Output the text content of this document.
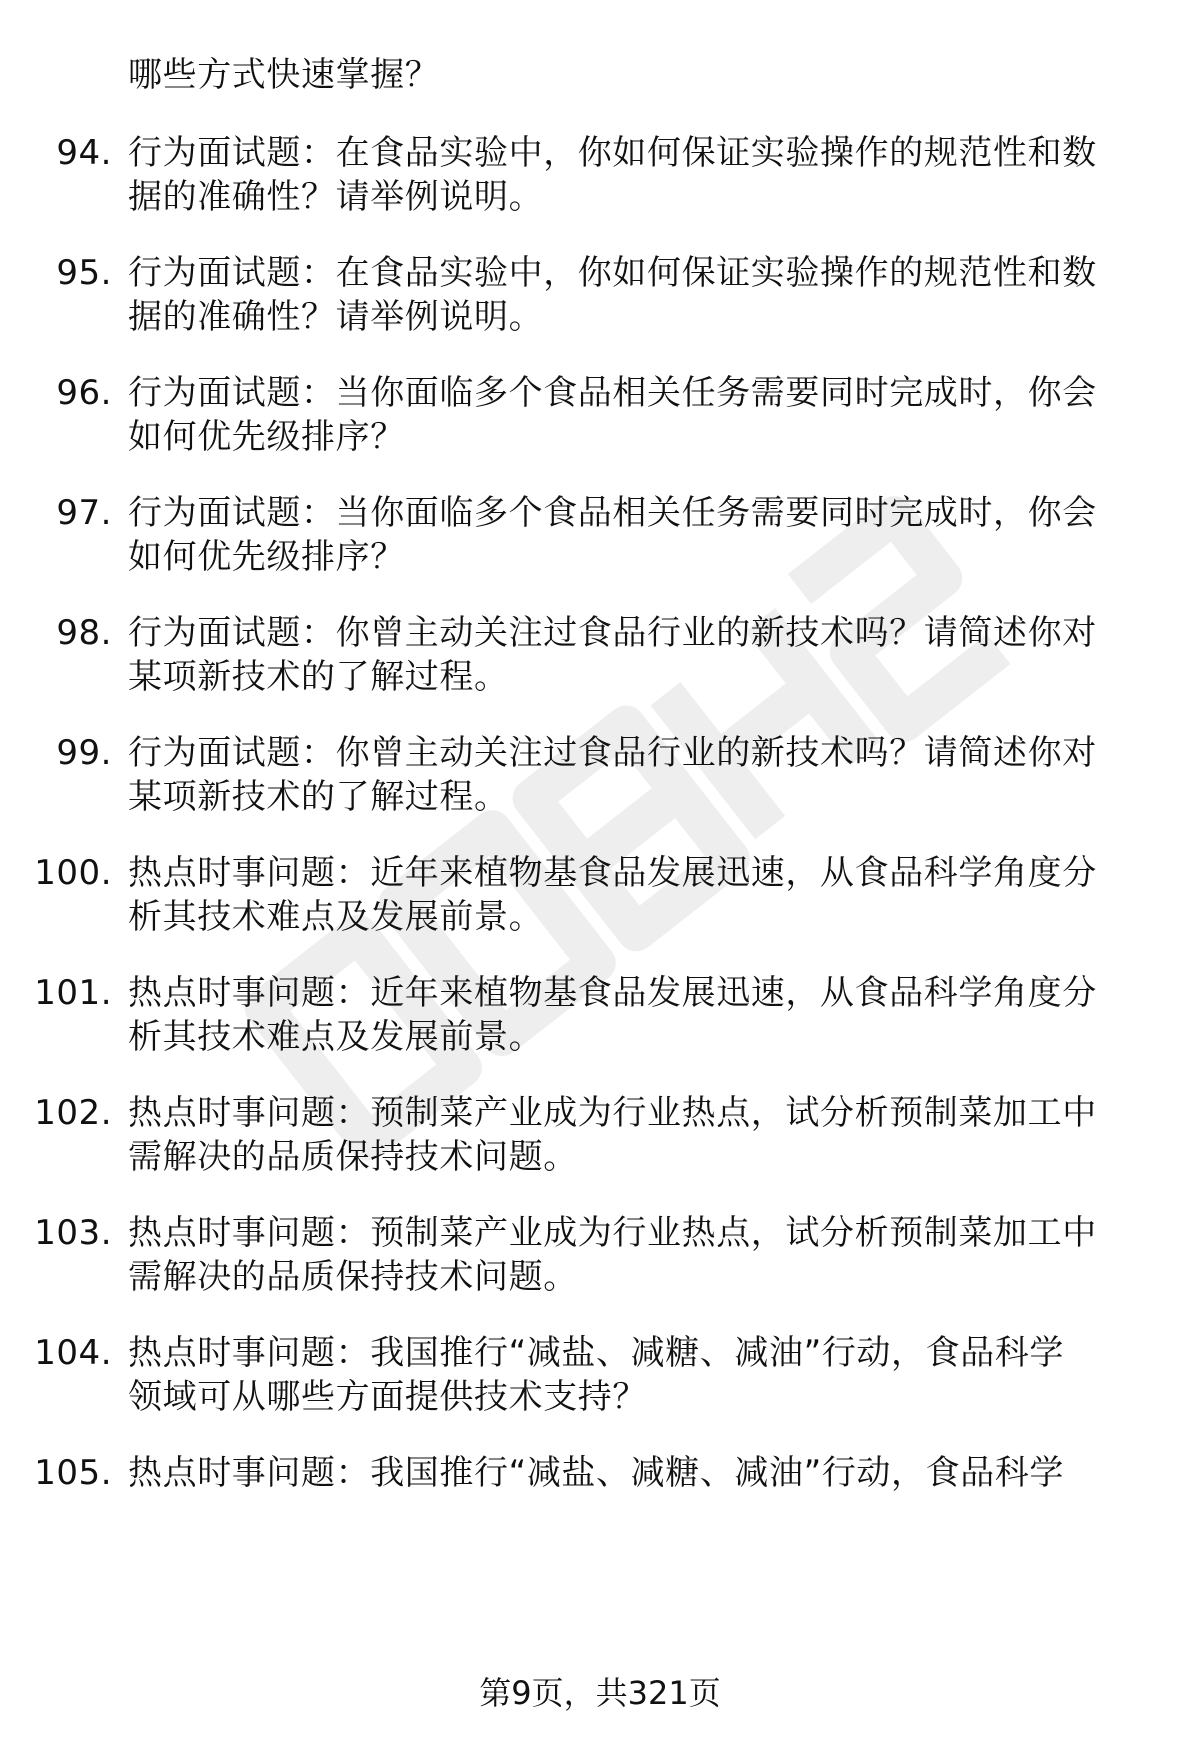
哪些方式快速掌握？
94. 行为面试题：在食品实验中，你如何保证实验操作的规范性和数
据的准确性？请举例说明。
95. 行为面试题：在食品实验中，你如何保证实验操作的规范性和数
据的准确性？请举例说明。
96. 行为面试题：当你面临多个食品相关任务需要同时完成时，你会
如何优先级排序？
97. 行为面试题：当你面临多个食品相关任务需要同时完成时，你会
如何优先级排序？
98. 行为面试题：你曾主动关注过食品行业的新技术吗？请简述你对
某项新技术的了解过程。
99. 行为面试题：你曾主动关注过食品行业的新技术吗？请简述你对
某项新技术的了解过程。
100. 热点时事问题：近年来植物基食品发展迅速，从食品科学角度分
析其技术难点及发展前景。
101. 热点时事问题：近年来植物基食品发展迅速，从食品科学角度分
析其技术难点及发展前景。
102. 热点时事问题：预制菜产业成为行业热点，试分析预制菜加工中
需解决的品质保持技术问题。
103. 热点时事问题：预制菜产业成为行业热点，试分析预制菜加工中
需解决的品质保持技术问题。
104. 热点时事问题：我国推行“减盐、减糖、减油”行动，食品科学
领域可从哪些方面提供技术支持？
105. 热点时事问题：我国推行“减盐、减糖、减油”行动，食品科学
第9页，共321页
